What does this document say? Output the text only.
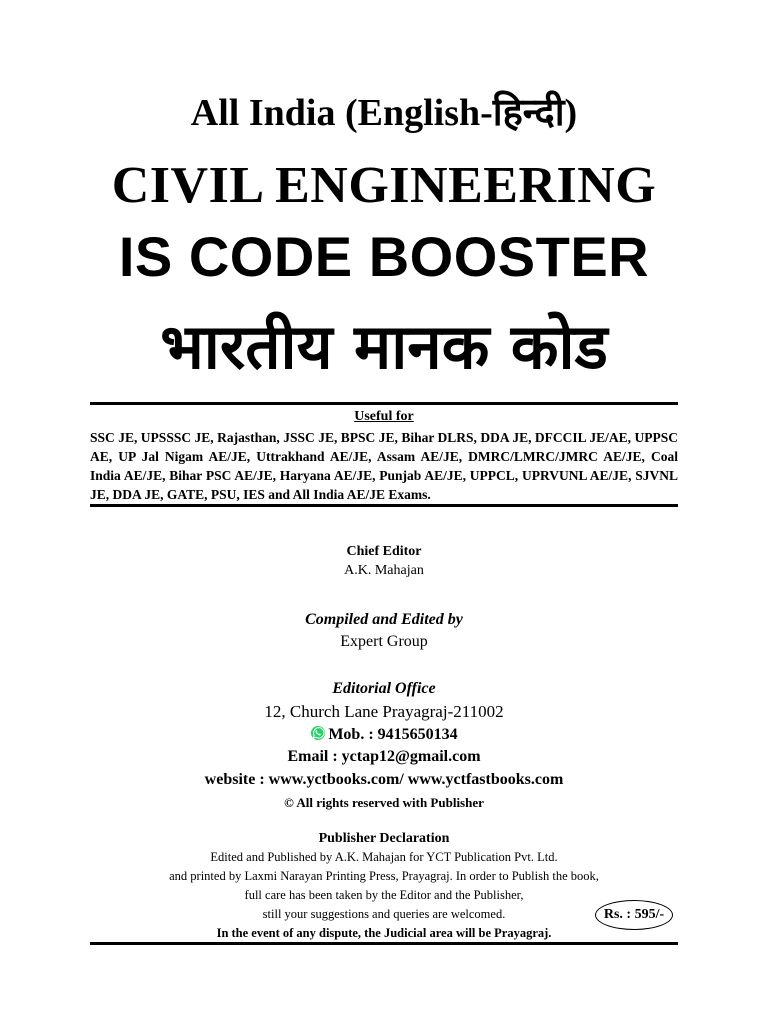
All India (English-हिन्दी)
CIVIL ENGINEERING
IS CODE BOOSTER
भारतीय मानक कोड
Useful for
SSC JE, UPSSSC JE, Rajasthan, JSSC JE, BPSC JE, Bihar DLRS, DDA JE, DFCCIL JE/AE, UPPSC AE, UP Jal Nigam AE/JE, Uttrakhand AE/JE, Assam AE/JE, DMRC/LMRC/JMRC AE/JE, Coal India AE/JE, Bihar PSC AE/JE, Haryana AE/JE, Punjab AE/JE, UPPCL, UPRVUNL AE/JE, SJVNL JE, DDA JE, GATE, PSU, IES and All India AE/JE Exams.
Chief Editor
A.K. Mahajan
Compiled and Edited by
Expert Group
Editorial Office
12, Church Lane Prayagraj-211002
Mob. : 9415650134
Email : yctap12@gmail.com
website : www.yctbooks.com/ www.yctfastbooks.com
© All rights reserved with Publisher
Publisher Declaration
Edited and Published by A.K. Mahajan for YCT Publication Pvt. Ltd.
and printed by Laxmi Narayan Printing Press, Prayagraj. In order to Publish the book,
full care has been taken by the Editor and the Publisher,
still your suggestions and queries are welcomed.
In the event of any dispute, the Judicial area will be Prayagraj.
Rs. : 595/-
